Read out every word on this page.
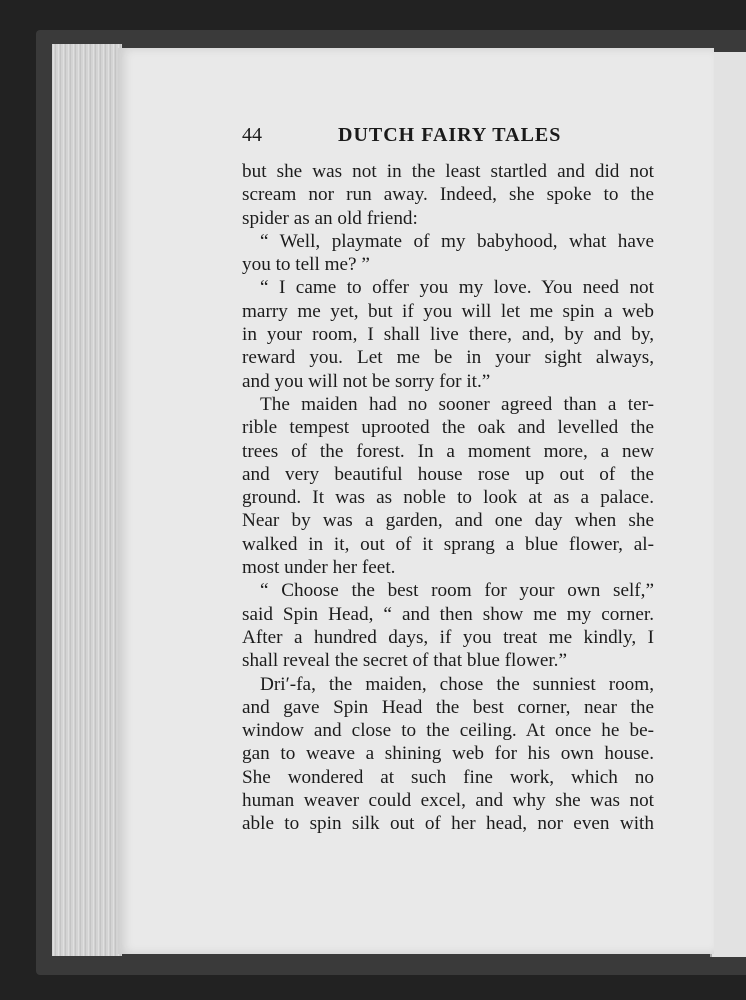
44	DUTCH FAIRY TALES
but she was not in the least startled and did not
scream nor run away. Indeed, she spoke to the
spider as an old friend:
“ Well, playmate of my babyhood, what have
you to tell me? ”
“ I came to offer you my love. You need not
marry me yet, but if you will let me spin a web
in your room, I shall live there, and, by and by,
reward you. Let me be in your sight always,
and you will not be sorry for it.”
The maiden had no sooner agreed than a ter-
rible tempest uprooted the oak and levelled the
trees of the forest. In a moment more, a new
and very beautiful house rose up out of the
ground. It was as noble to look at as a palace.
Near by was a garden, and one day when she
walked in it, out of it sprang a blue flower, al-
most under her feet.
“ Choose the best room for your own self,”
said Spin Head, “ and then show me my corner.
After a hundred days, if you treat me kindly, I
shall reveal the secret of that blue flower.”
Dri′-fa, the maiden, chose the sunniest room,
and gave Spin Head the best corner, near the
window and close to the ceiling. At once he be-
gan to weave a shining web for his own house.
She wondered at such fine work, which no
human weaver could excel, and why she was not
able to spin silk out of her head, nor even with
